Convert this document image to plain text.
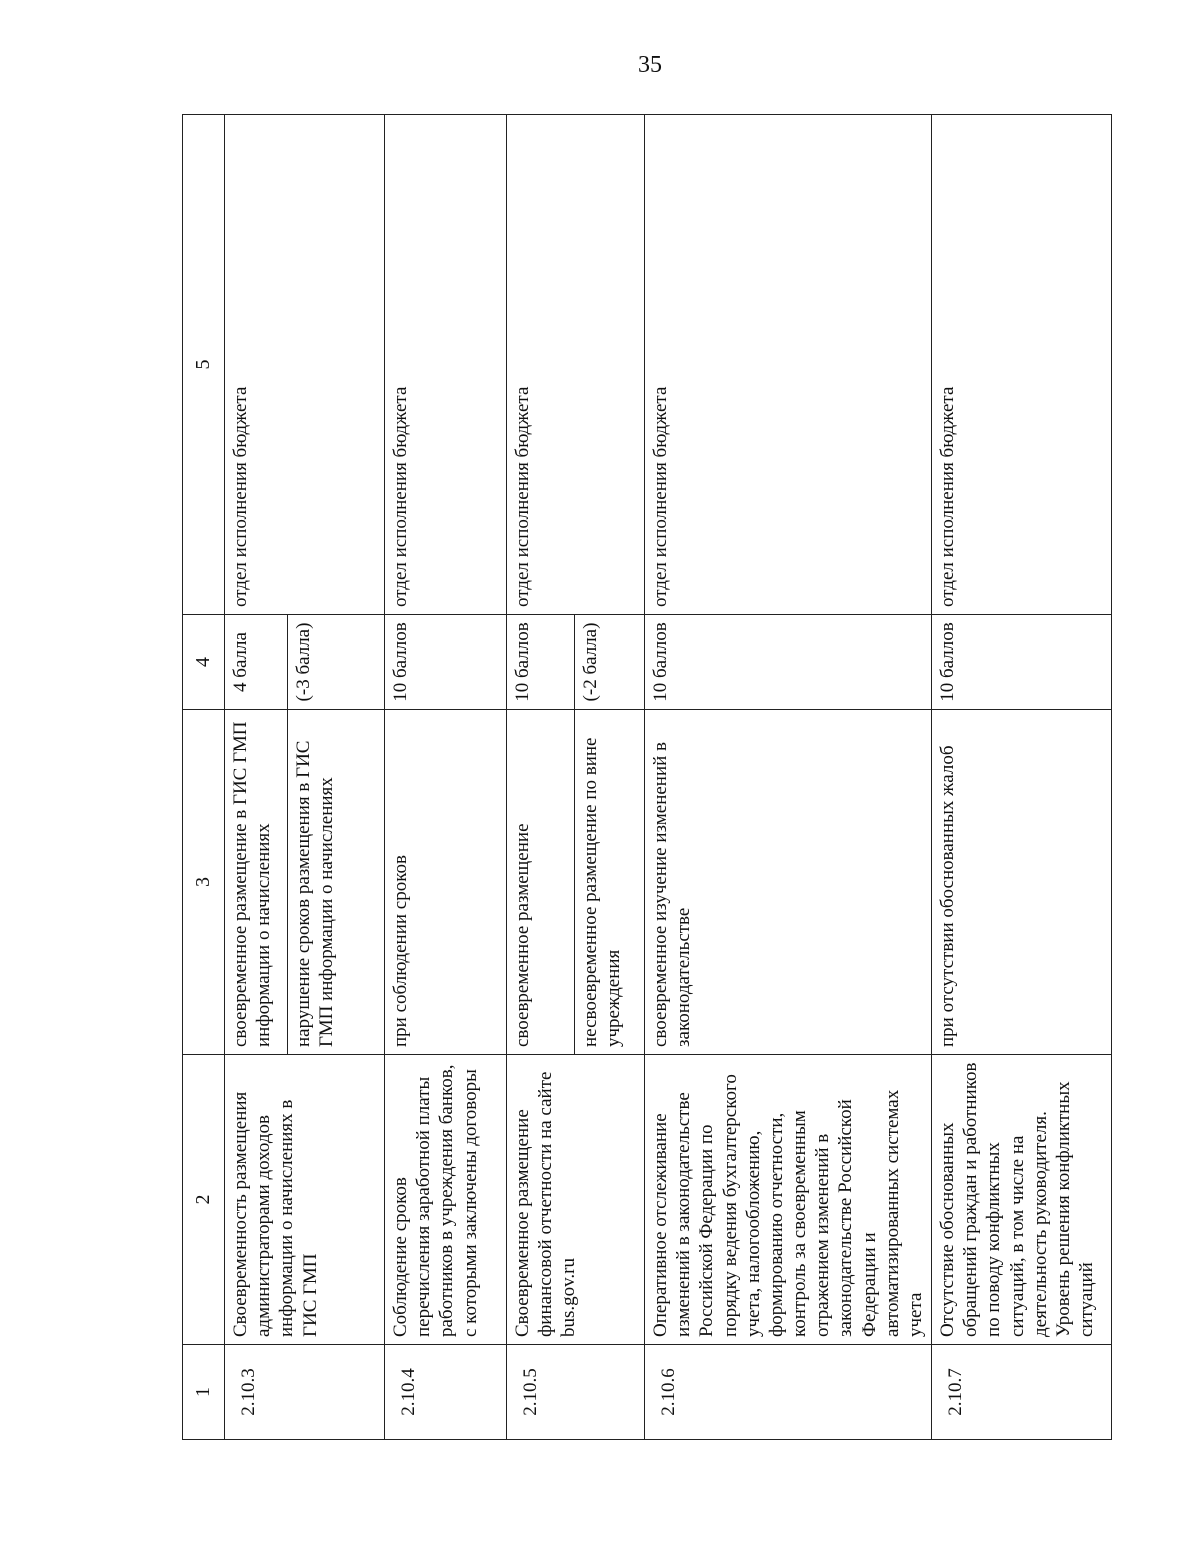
35
1	2	3	4	5
2.10.3	Своевременность размещения администраторами доходов информации о начислениях в ГИС ГМП	своевременное размещение в ГИС ГМП информации о начислениях	4 балла	отдел исполнения бюджета
		нарушение сроков размещения в ГИС ГМП информации о начислениях	(-3 балла)	
2.10.4	Соблюдение сроков перечисления заработной платы работников в учреждения банков, с которыми заключены договоры	при соблюдении сроков	10 баллов	отдел исполнения бюджета
2.10.5	Своевременное размещение финансовой отчетности на сайте bus.gov.ru	своевременное размещение	10 баллов	отдел исполнения бюджета
		несвоевременное размещение по вине учреждения	(-2 балла)	
2.10.6	Оперативное отслеживание изменений в законодательстве Российской Федерации по порядку ведения бухгалтерского учета, налогообложению, формированию отчетности, контроль за своевременным отражением изменений в законодательстве Российской Федерации и автоматизированных системах учета	своевременное изучение изменений в законодательстве	10 баллов	отдел исполнения бюджета
2.10.7	Отсутствие обоснованных обращений граждан и работников по поводу конфликтных ситуаций, в том числе на деятельность руководителя. Уровень решения конфликтных ситуаций	при отсутствии обоснованных жалоб	10 баллов	отдел исполнения бюджета
